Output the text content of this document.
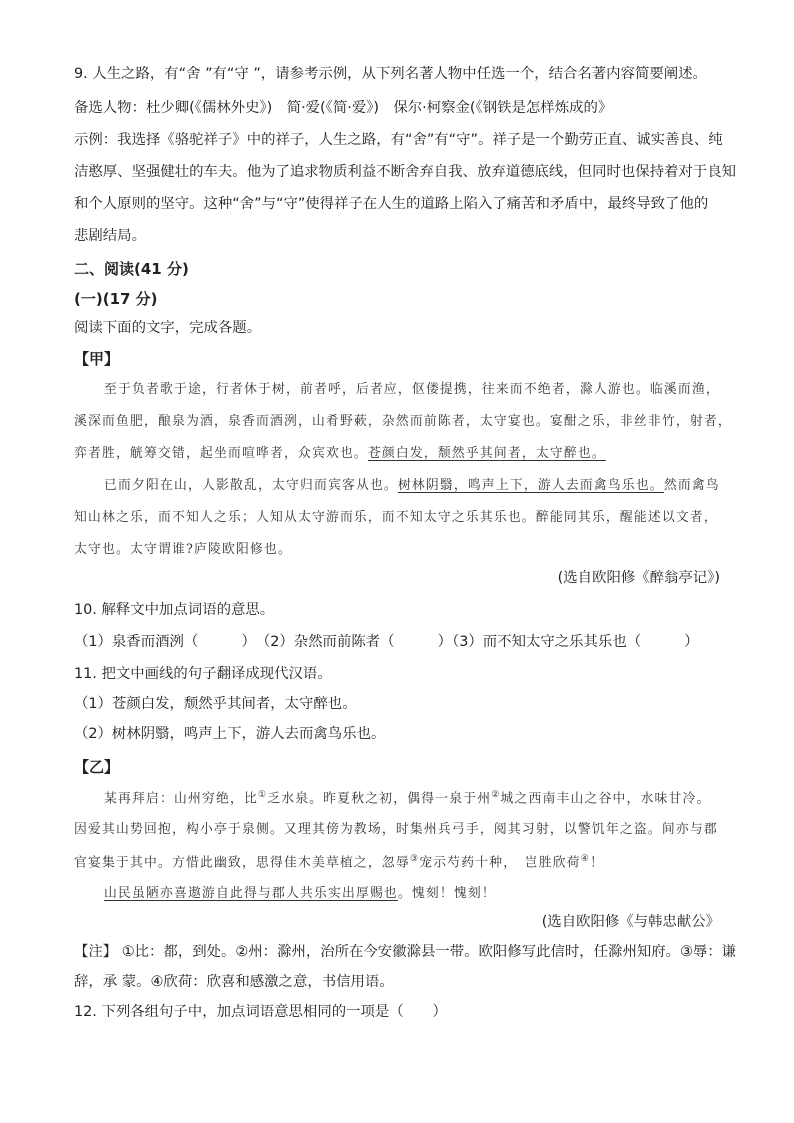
9. 人生之路，有“舍 ”有“守 ”，请参考示例，从下列名著人物中任选一个，结合名著内容简要阐述。
备选人物：杜少卿(《儒林外史》)　简·爱(《简·爱》)　保尔·柯察金(《钢铁是怎样炼成的》
示例：我选择《骆驼祥子》中的祥子，人生之路，有“舍”有“守”。祥子是一个勤劳正直、诚实善良、纯
洁憨厚、坚强健壮的车夫。他为了追求物质利益不断舍弃自我、放弃道德底线，但同时也保持着对于良知
和个人原则的坚守。这种“舍”与“守”使得祥子在人生的道路上陷入了痛苦和矛盾中，最终导致了他的
悲剧结局。
二、阅读(41 分)
(一)(17 分)
阅读下面的文字，完成各题。
【甲】
至于负者歌于途，行者休于树，前者呼，后者应，伛偻提携，往来而不绝者，滁人游也。临溪而渔，
溪深而鱼肥，酿泉为酒，泉香而酒洌，山肴野蔌，杂然而前陈者，太守宴也。宴酣之乐，非丝非竹，射者，
弈者胜，觥筹交错，起坐而喧哗者，众宾欢也。苍颜白发，颓然乎其间者，太守醉也。
已而夕阳在山，人影散乱，太守归而宾客从也。树林阴翳，鸣声上下，游人去而禽鸟乐也。然而禽鸟
知山林之乐，而不知人之乐；人知从太守游而乐，而不知太守之乐其乐也。醉能同其乐，醒能述以文者，
太守也。太守谓谁?庐陵欧阳修也。
(选自欧阳修《醉翁亭记》)
10. 解释文中加点词语的意思。
（1）泉香而酒洌（　　　）　（2）杂然而前陈者（　　　）（3）而不知太守之乐其乐也（　　　）
11. 把文中画线的句子翻译成现代汉语。
（1）苍颜白发，颓然乎其间者，太守醉也。
（2）树林阴翳，鸣声上下，游人去而禽鸟乐也。
【乙】
某再拜启：山州穷绝，比①乏水泉。昨夏秋之初，偶得一泉于州②城之西南丰山之谷中，水味甘冷。
因爱其山势回抱，构小亭于泉侧。又理其傍为教场，时集州兵弓手，阅其习射，以警饥年之盗。间亦与郡
官宴集于其中。方惜此幽致，思得佳木美草植之，忽辱③宠示芍药十种，　岂胜欣荷④！
山民虽陋亦喜遨游自此得与郡人共乐实出厚赐也。愧刻！愧刻！
(选自欧阳修《与韩忠献公》
【注】 ①比：都，到处。②州：滁州，治所在今安徽滁县一带。欧阳修写此信时，任滁州知府。③辱：谦
辞，承 蒙。④欣荷：欣喜和感激之意，书信用语。
12. 下列各组句子中，加点词语意思相同的一项是（　　）
